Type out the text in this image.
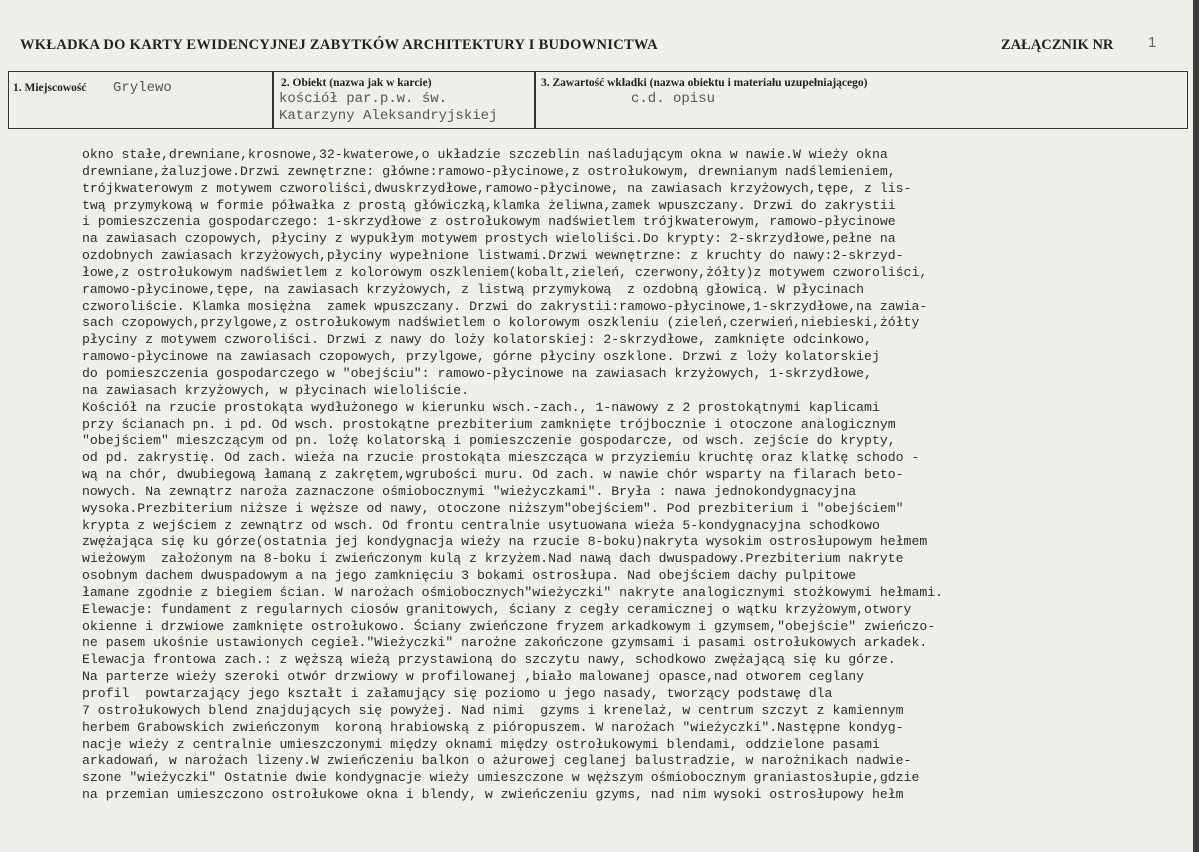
WKŁADKA DO KARTY EWIDENCYJNEJ ZABYTKÓW ARCHITEKTURY I BUDOWNICTWA	ZAŁĄCZNIK NR 1
1. Miejscowość Grylewo	2. Obiekt (nazwa jak w karcie)
kościół par.p.w. św.
Katarzyny Aleksandryjskiej
3. Zawartość wkładki (nazwa obiektu i materiału uzupełniającego)
c.d. opisu
okno stałe,drewniane,krosnowe,32-kwaterowe,o układzie szczeblin naśladującym okna w nawie.W wieży okna
drewniane,żaluzjowe.Drzwi zewnętrzne: główne:ramowo-płycinowe,z ostrołukowym, drewnianym nadślemieniem,
trójkwaterowym z motywem czworoliści,dwuskrzydłowe,ramowo-płycinowe, na zawiasach krzyżowych,tępe, z lis-
twą przymykową w formie półwałka z prostą główiczką,klamka żeliwna,zamek wpuszczany. Drzwi do zakrystii
i pomieszczenia gospodarczego: 1-skrzydłowe z ostrołukowym nadświetlem trójkwaterowym, ramowo-płycinowe
na zawiasach czopowych, płyciny z wypukłym motywem prostych wieloliści.Do krypty: 2-skrzydłowe,pełne na
ozdobnych zawiasach krzyżowych,płyciny wypełnione listwami.Drzwi wewnętrzne: z kruchty do nawy:2-skrzyd-
łowe,z ostrołukowym nadświetlem z kolorowym oszkleniem(kobalt,zieleń, czerwony,żółty)z motywem czworoliści,
ramowo-płycinowe,tępe, na zawiasach krzyżowych, z listwą przymykową  z ozdobną głowicą. W płycinach
czworoliście. Klamka mosiężna  zamek wpuszczany. Drzwi do zakrystii:ramowo-płycinowe,1-skrzydłowe,na zawia-
sach czopowych,przylgowe,z ostrołukowym nadświetlem o kolorowym oszkleniu (zieleń,czerwień,niebieski,żółty
płyciny z motywem czworoliści. Drzwi z nawy do loży kolatorskiej: 2-skrzydłowe, zamknięte odcinkowo,
ramowo-płycinowe na zawiasach czopowych, przylgowe, górne płyciny oszklone. Drzwi z loży kolatorskiej
do pomieszczenia gospodarczego w "obejściu": ramowo-płycinowe na zawiasach krzyżowych, 1-skrzydłowe,
na zawiasach krzyżowych, w płycinach wieloliście.
Kościół na rzucie prostokąta wydłużonego w kierunku wsch.-zach., 1-nawowy z 2 prostokątnymi kaplicami
przy ścianach pn. i pd. Od wsch. prostokątne prezbiterium zamknięte trójbocznie i otoczone analogicznym
"obejściem" mieszczącym od pn. lożę kolatorską i pomieszczenie gospodarcze, od wsch. zejście do krypty,
od pd. zakrystię. Od zach. wieża na rzucie prostokąta mieszcząca w przyziemiu kruchtę oraz klatkę schodo -
wą na chór, dwubiegową łamaną z zakrętem,wgrubości muru. Od zach. w nawie chór wsparty na filarach beto-
nowych. Na zewnątrz naroża zaznaczone ośmiobocznymi "wieżyczkami". Bryła : nawa jednokondygnacyjna
wysoka.Prezbiterium niższe i węższe od nawy, otoczone niższym"obejściem". Pod prezbiterium i "obejściem"
krypta z wejściem z zewnątrz od wsch. Od frontu centralnie usytuowana wieża 5-kondygnacyjna schodkowo
zwężająca się ku górze(ostatnia jej kondygnacja wieży na rzucie 8-boku)nakryta wysokim ostrosłupowym hełmem
wieżowym  założonym na 8-boku i zwieńczonym kulą z krzyżem.Nad nawą dach dwuspadowy.Prezbiterium nakryte
osobnym dachem dwuspadowym a na jego zamknięciu 3 bokami ostrosłupa. Nad obejściem dachy pulpitowe
łamane zgodnie z biegiem ścian. W narożach ośmiobocznych"wieżyczki" nakryte analogicznymi stożkowymi hełmami.
Elewacje: fundament z regularnych ciosów granitowych, ściany z cegły ceramicznej o wątku krzyżowym,otwory
okienne i drzwiowe zamknięte ostrołukowo. Ściany zwieńczone fryzem arkadkowym i gzymsem,"obejście" zwieńczo-
ne pasem ukośnie ustawionych cegieł."Wieżyczki" narożne zakończone gzymsami i pasami ostrołukowych arkadek.
Elewacja frontowa zach.: z węższą wieżą przystawioną do szczytu nawy, schodkowo zwężającą się ku górze.
Na parterze wieży szeroki otwór drzwiowy w profilowanej ,biało malowanej opasce,nad otworem ceglany
profil  powtarzający jego kształt i załamujący się poziomo u jego nasady, tworzący podstawę dla
7 ostrołukowych blend znajdujących się powyżej. Nad nimi  gzyms i krenelaż, w centrum szczyt z kamiennym
herbem Grabowskich zwieńczonym  koroną hrabiowską z pióropuszem. W narożach "wieżyczki".Następne kondyg-
nacje wieży z centralnie umieszczonymi między oknami między ostrołukowymi blendami, oddzielone pasami
arkadowań, w narożach lizeny.W zwieńczeniu balkon o ażurowej ceglanej balustradzie, w narożnikach nadwie-
szone "wieżyczki" Ostatnie dwie kondygnacje wieży umieszczone w węższym ośmiobocznym graniastosłupie,gdzie
na przemian umieszczono ostrołukowe okna i blendy, w zwieńczeniu gzyms, nad nim wysoki ostrosłupowy hełm
